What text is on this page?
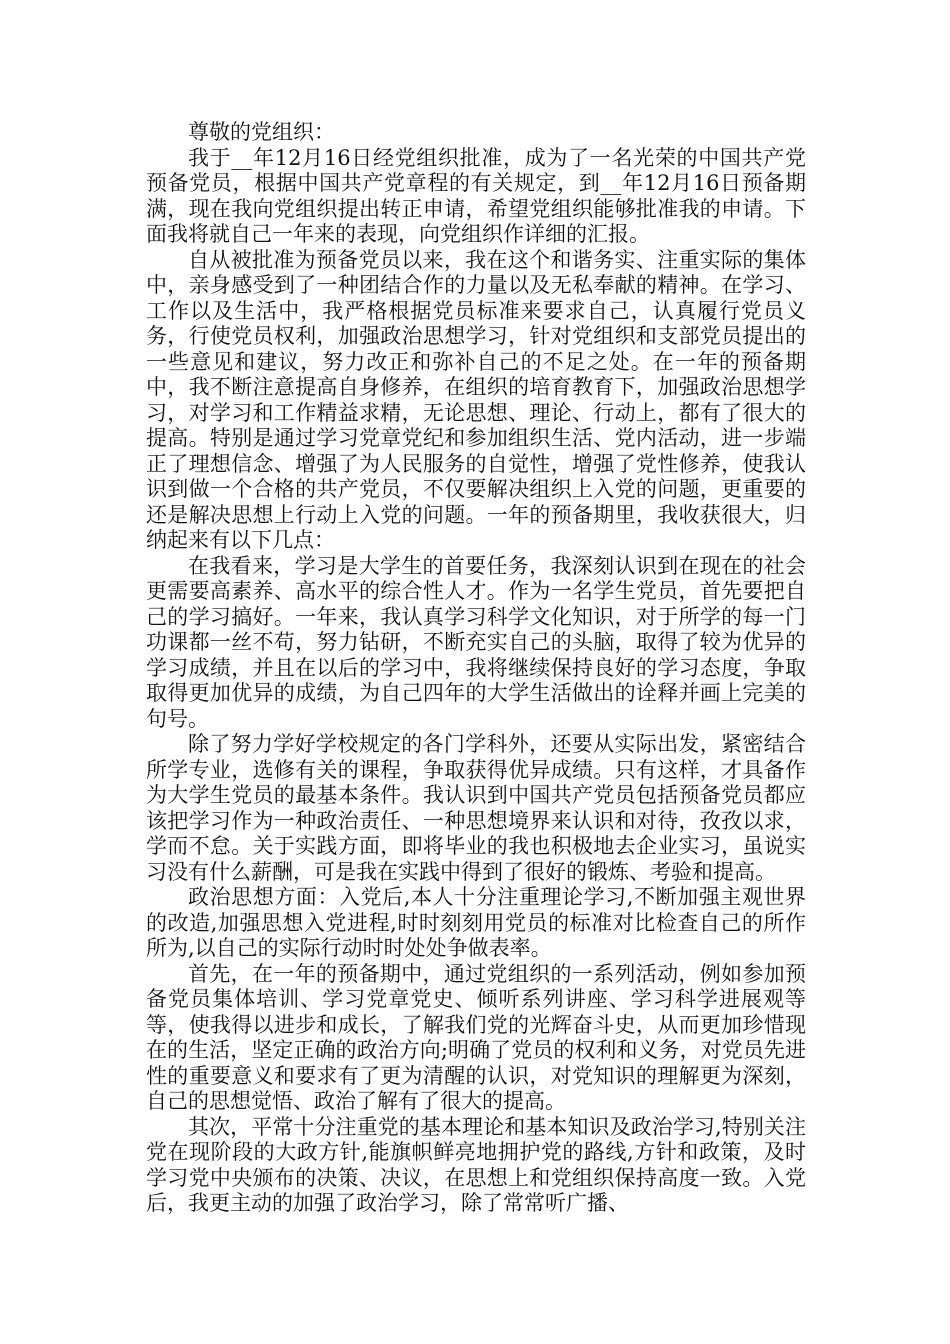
尊敬的党组织：

我于__年12月16日经党组织批准，成为了一名光荣的中国共产党预备党员，根据中国共产党章程的有关规定，到__年12月16日预备期满，现在我向党组织提出转正申请，希望党组织能够批准我的申请。下面我将就自己一年来的表现，向党组织作详细的汇报。

自从被批准为预备党员以来，我在这个和谐务实、注重实际的集体中，亲身感受到了一种团结合作的力量以及无私奉献的精神。在学习、工作以及生活中，我严格根据党员标准来要求自己，认真履行党员义务，行使党员权利，加强政治思想学习，针对党组织和支部党员提出的一些意见和建议，努力改正和弥补自己的不足之处。在一年的预备期中，我不断注意提高自身修养，在组织的培育教育下，加强政治思想学习，对学习和工作精益求精，无论思想、理论、行动上，都有了很大的提高。特别是通过学习党章党纪和参加组织生活、党内活动，进一步端正了理想信念、增强了为人民服务的自觉性，增强了党性修养，使我认识到做一个合格的共产党员，不仅要解决组织上入党的问题，更重要的还是解决思想上行动上入党的问题。一年的预备期里，我收获很大，归纳起来有以下几点：

在我看来，学习是大学生的首要任务，我深刻认识到在现在的社会更需要高素养、高水平的综合性人才。作为一名学生党员，首先要把自己的学习搞好。一年来，我认真学习科学文化知识，对于所学的每一门功课都一丝不苟，努力钻研，不断充实自己的头脑，取得了较为优异的学习成绩，并且在以后的学习中，我将继续保持良好的学习态度，争取取得更加优异的成绩，为自己四年的大学生活做出的诠释并画上完美的句号。

除了努力学好学校规定的各门学科外，还要从实际出发，紧密结合所学专业，选修有关的课程，争取获得优异成绩。只有这样，才具备作为大学生党员的最基本条件。我认识到中国共产党员包括预备党员都应该把学习作为一种政治责任、一种思想境界来认识和对待，孜孜以求，学而不怠。关于实践方面，即将毕业的我也积极地去企业实习，虽说实习没有什么薪酬，可是我在实践中得到了很好的锻炼、考验和提高。

政治思想方面：入党后,本人十分注重理论学习,不断加强主观世界的改造,加强思想入党进程,时时刻刻用党员的标准对比检查自己的所作所为,以自己的实际行动时时处处争做表率。

首先，在一年的预备期中，通过党组织的一系列活动，例如参加预备党员集体培训、学习党章党史、倾听系列讲座、学习科学进展观等等，使我得以进步和成长，了解我们党的光辉奋斗史，从而更加珍惜现在的生活，坚定正确的政治方向;明确了党员的权利和义务，对党员先进性的重要意义和要求有了更为清醒的认识，对党知识的理解更为深刻，自己的思想觉悟、政治了解有了很大的提高。

其次，平常十分注重党的基本理论和基本知识及政治学习,特别关注党在现阶段的大政方针,能旗帜鲜亮地拥护党的路线,方针和政策，及时学习党中央颁布的决策、决议，在思想上和党组织保持高度一致。入党后，我更主动的加强了政治学习，除了常常听广播、
